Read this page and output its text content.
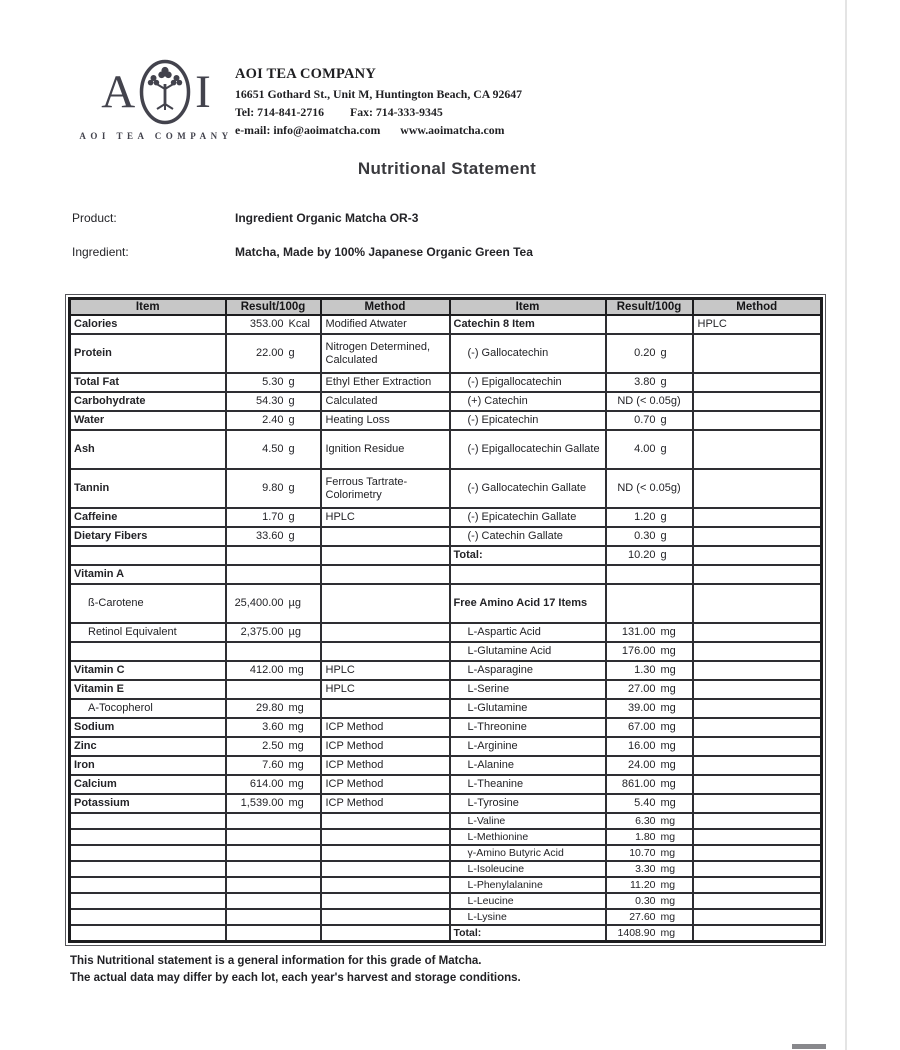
A I
AOI TEA COMPANY
AOI TEA COMPANY
16651 Gothard St., Unit M, Huntington Beach, CA 92647
Tel: 714-841-2716 Fax: 714-333-9345
e-mail: info@aoimatcha.com www.aoimatcha.com
Nutritional Statement
Product:	Ingredient Organic Matcha OR-3
Ingredient:	Matcha, Made by 100% Japanese Organic Green Tea
Item	Result/100g	Method	Item	Result/100g	Method
Calories	353.00 Kcal	Modified Atwater	Catechin 8 Item		HPLC
Protein	22.00 g	Nitrogen Determined, Calculated	(-) Gallocatechin	0.20 g	

Total Fat	5.30 g	Ethyl Ether Extraction	(-) Epigallocatechin	3.80 g	

Carbohydrate	54.30 g	Calculated	(+) Catechin	ND (< 0.05g)	
Water	2.40 g	Heating Loss	(-) Epicatechin	0.70 g	

Ash	4.50 g	Ignition Residue	(-) Epigallocatechin Gallate	4.00 g	

Tannin	9.80 g	Ferrous Tartrate-Colorimetry	(-) Gallocatechin Gallate	ND (< 0.05g)	
Caffeine	1.70 g	HPLC	(-) Epicatechin Gallate	1.20 g	

Dietary Fibers	33.60 g		(-) Catechin Gallate	0.30 g	

			Total:	10.20 g	

Vitamin A					
ß-Carotene	25,400.00 µg		Free Amino Acid 17 Items		
Retinol Equivalent	2,375.00 µg		L-Aspartic Acid	131.00 mg	

			L-Glutamine Acid	176.00 mg	

Vitamin C	412.00 mg	HPLC	L-Asparagine	1.30 mg	

Vitamin E		HPLC	L-Serine	27.00 mg	

A-Tocopherol	29.80 mg		L-Glutamine	39.00 mg	

Sodium	3.60 mg	ICP Method	L-Threonine	67.00 mg	

Zinc	2.50 mg	ICP Method	L-Arginine	16.00 mg	

Iron	7.60 mg	ICP Method	L-Alanine	24.00 mg	

Calcium	614.00 mg	ICP Method	L-Theanine	861.00 mg	

Potassium	1,539.00 mg	ICP Method	L-Tyrosine	5.40 mg	

			L-Valine	6.30 mg	

			L-Methionine	1.80 mg	

			γ-Amino Butyric Acid	10.70 mg	

			L-Isoleucine	3.30 mg	

			L-Phenylalanine	11.20 mg	

			L-Leucine	0.30 mg	

			L-Lysine	27.60 mg	

			Total:	1408.90 mg	

This Nutritional statement is a general information for this grade of Matcha.
The actual data may differ by each lot, each year's harvest and storage conditions.
